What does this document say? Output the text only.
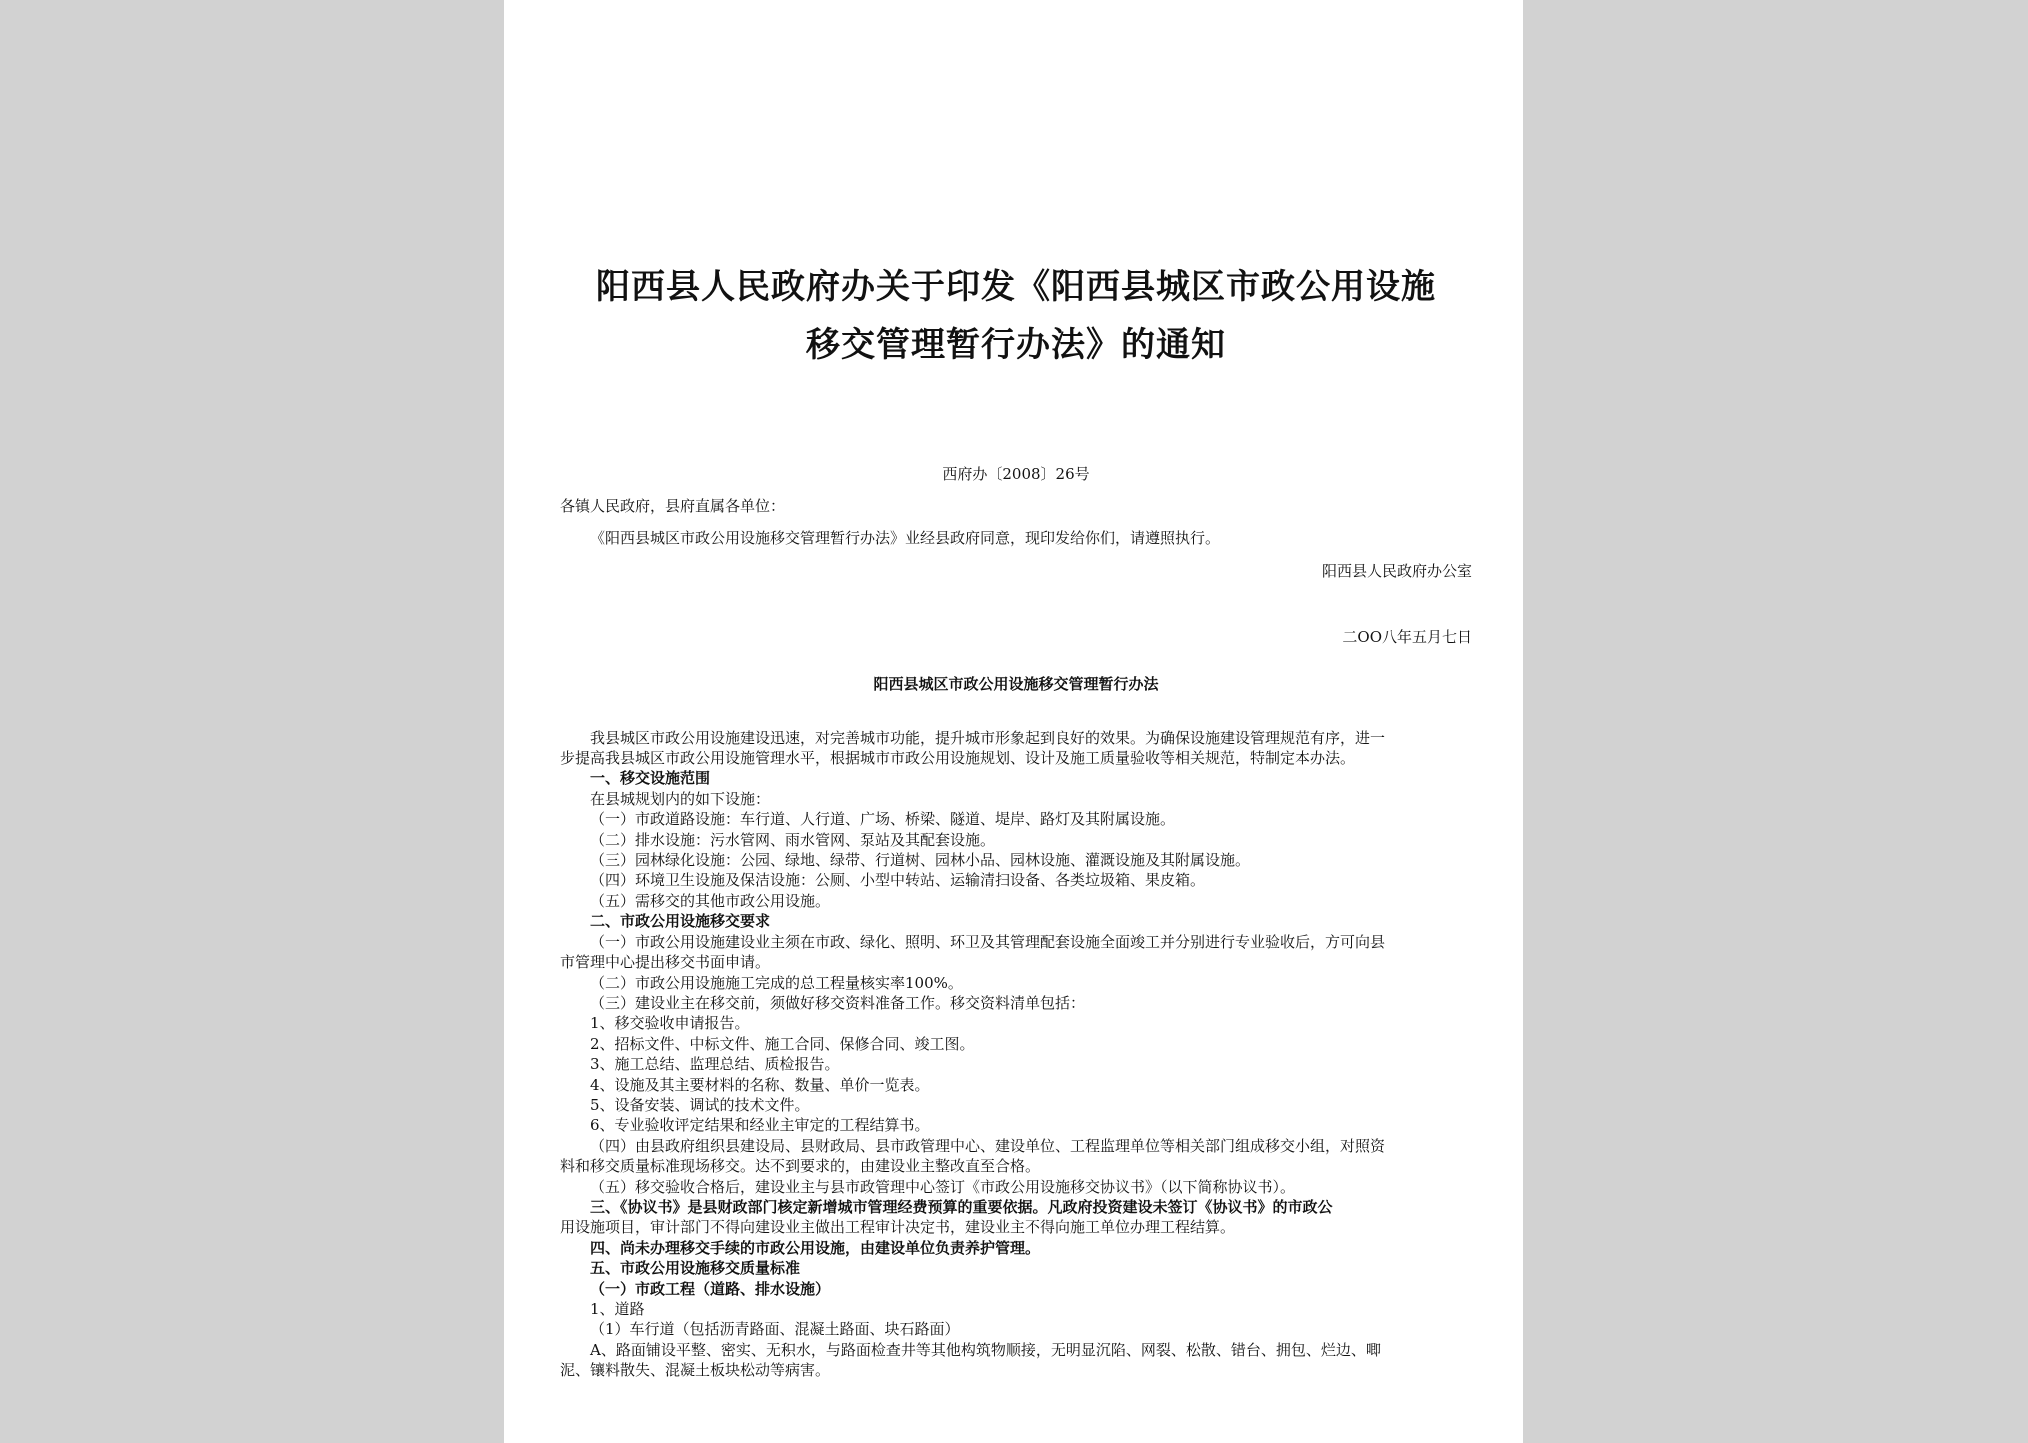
阳西县人民政府办关于印发《阳西县城区市政公用设施
移交管理暂行办法》的通知
西府办〔2008〕26号
各镇人民政府，县府直属各单位：
《阳西县城区市政公用设施移交管理暂行办法》业经县政府同意，现印发给你们，请遵照执行。
阳西县人民政府办公室
二OO八年五月七日
阳西县城区市政公用设施移交管理暂行办法
我县城区市政公用设施建设迅速，对完善城市功能，提升城市形象起到良好的效果。为确保设施建设管理规范有序，进一
步提高我县城区市政公用设施管理水平，根据城市市政公用设施规划、设计及施工质量验收等相关规范，特制定本办法。
一、移交设施范围
在县城规划内的如下设施：
（一）市政道路设施：车行道、人行道、广场、桥梁、隧道、堤岸、路灯及其附属设施。
（二）排水设施：污水管网、雨水管网、泵站及其配套设施。
（三）园林绿化设施：公园、绿地、绿带、行道树、园林小品、园林设施、灌溉设施及其附属设施。
（四）环境卫生设施及保洁设施：公厕、小型中转站、运输清扫设备、各类垃圾箱、果皮箱。
（五）需移交的其他市政公用设施。
二、市政公用设施移交要求
（一）市政公用设施建设业主须在市政、绿化、照明、环卫及其管理配套设施全面竣工并分别进行专业验收后，方可向县
市管理中心提出移交书面申请。
（二）市政公用设施施工完成的总工程量核实率100%。
（三）建设业主在移交前，须做好移交资料准备工作。移交资料清单包括：
1、移交验收申请报告。
2、招标文件、中标文件、施工合同、保修合同、竣工图。
3、施工总结、监理总结、质检报告。
4、设施及其主要材料的名称、数量、单价一览表。
5、设备安装、调试的技术文件。
6、专业验收评定结果和经业主审定的工程结算书。
（四）由县政府组织县建设局、县财政局、县市政管理中心、建设单位、工程监理单位等相关部门组成移交小组，对照资
料和移交质量标准现场移交。达不到要求的，由建设业主整改直至合格。
（五）移交验收合格后，建设业主与县市政管理中心签订《市政公用设施移交协议书》（以下简称协议书）。
三、《协议书》是县财政部门核定新增城市管理经费预算的重要依据。凡政府投资建设未签订《协议书》的市政公
用设施项目，审计部门不得向建设业主做出工程审计决定书，建设业主不得向施工单位办理工程结算。
四、尚未办理移交手续的市政公用设施，由建设单位负责养护管理。
五、市政公用设施移交质量标准
（一）市政工程（道路、排水设施）
1、道路
（1）车行道（包括沥青路面、混凝土路面、块石路面）
A、路面铺设平整、密实、无积水，与路面检查井等其他构筑物顺接，无明显沉陷、网裂、松散、错台、拥包、烂边、唧
泥、镶料散失、混凝土板块松动等病害。
